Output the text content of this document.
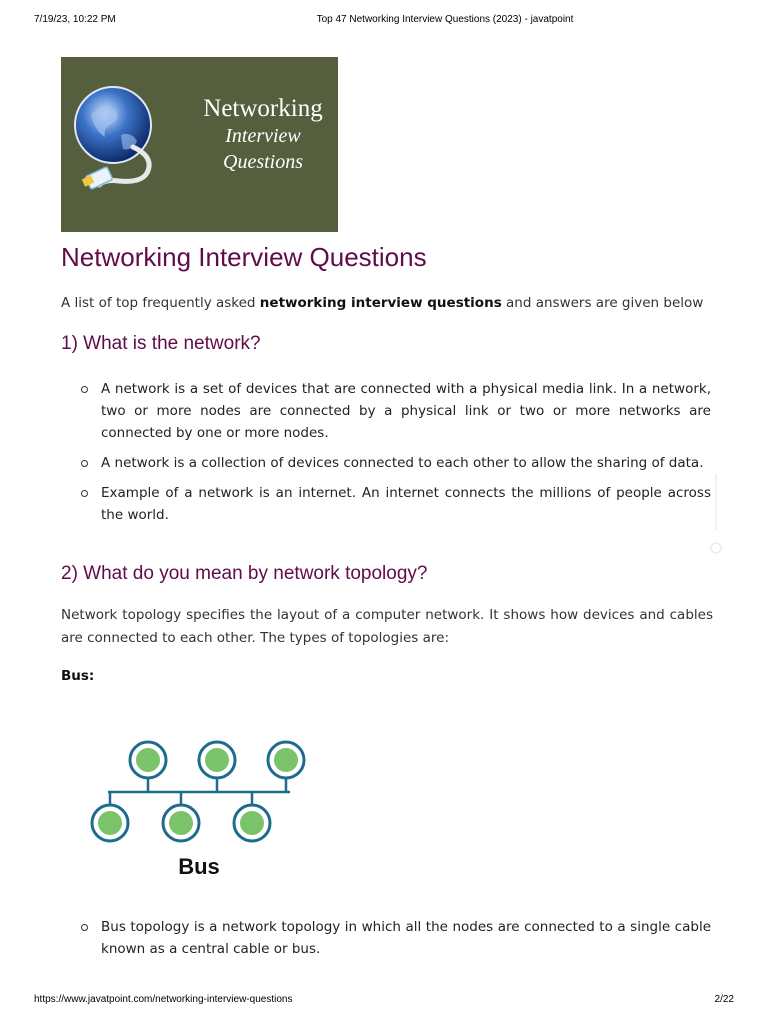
7/19/23, 10:22 PM	Top 47 Networking Interview Questions (2023) - javatpoint
Networking
Interview
Questions
Networking Interview Questions

A list of top frequently asked networking interview questions and answers are given below

1) What is the network?
A network is a set of devices that are connected with a physical media link. In a network, two or more nodes are connected by a physical link or two or more networks are connected by one or more nodes.
A network is a collection of devices connected to each other to allow the sharing of data.
Example of a network is an internet. An internet connects the millions of people across the world.
2) What do you mean by network topology?

Network topology specifies the layout of a computer network. It shows how devices and cables are connected to each other. The types of topologies are:

Bus:

Bus
Bus topology is a network topology in which all the nodes are connected to a single cable known as a central cable or bus.
https://www.javatpoint.com/networking-interview-questions	2/22
